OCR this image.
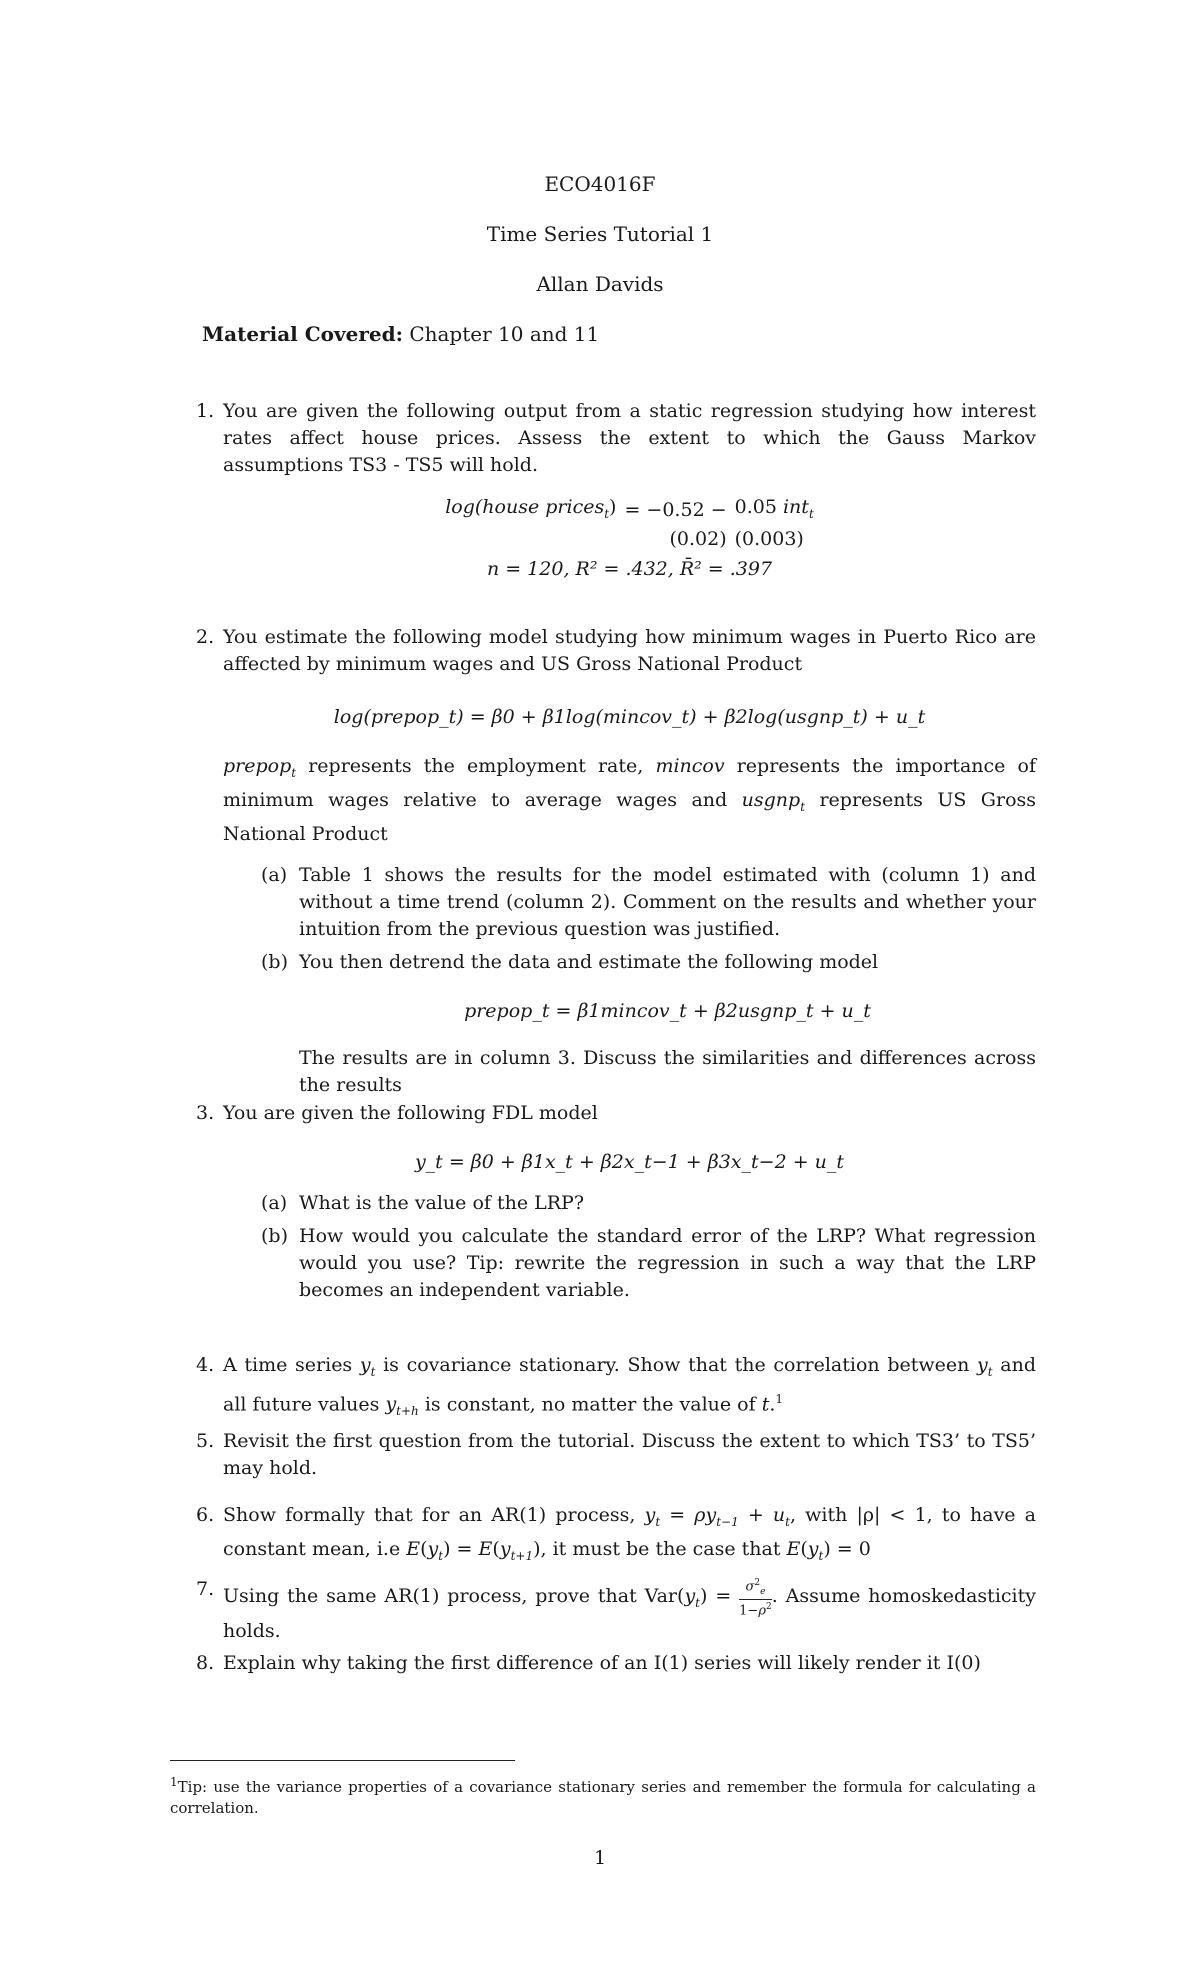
ECO4016F
Time Series Tutorial 1
Allan Davids
Material Covered: Chapter 10 and 11
1. You are given the following output from a static regression studying how interest rates affect house prices. Assess the extent to which the Gauss Markov assumptions TS3 - TS5 will hold.
log(house prices$_t$)	= −0.52 −	0.05 int$_t$
	(0.02)	(0.003)
n = 120, R² = .432, R̄² = .397
2. You estimate the following model studying how minimum wages in Puerto Rico are affected by minimum wages and US Gross National Product
log(prepop_t) = β0 + β1log(mincov_t) + β2log(usgnp_t) + u_t
prepop$_t$ represents the employment rate, mincov represents the importance of minimum wages relative to average wages and usgnp$_t$ represents US Gross National Product
(a) Table 1 shows the results for the model estimated with (column 1) and without a time trend (column 2). Comment on the results and whether your intuition from the previous question was justified.
(b) You then detrend the data and estimate the following model
prepop_t = β1mincov_t + β2usgnp_t + u_t
The results are in column 3. Discuss the similarities and differences across the results
3. You are given the following FDL model
y_t = β0 + β1x_t + β2x_t−1 + β3x_t−2 + u_t
(a) What is the value of the LRP?
(b) How would you calculate the standard error of the LRP? What regression would you use? Tip: rewrite the regression in such a way that the LRP becomes an independent variable.
4. A time series $y_t$ is covariance stationary. Show that the correlation between $y_t$ and all future values $y_{t+h}$ is constant, no matter the value of t.$^1$
5. Revisit the first question from the tutorial. Discuss the extent to which TS3’ to TS5’ may hold.
6. Show formally that for an AR(1) process, $y_t = \rho y_{t-1} + u_t$, with |ρ| < 1, to have a constant mean, i.e $E(y_t) = E(y_{t+1})$, it must be the case that $E(y_t) = 0$
7. Using the same AR(1) process, prove that $Var(y_t) = \frac{\sigma^2_e}{1-\rho^2}$ . Assume homoskedasticity holds.
8. Explain why taking the first difference of an I(1) series will likely render it I(0)
$^1$Tip: use the variance properties of a covariance stationary series and remember the formula for calculating a correlation.
1
